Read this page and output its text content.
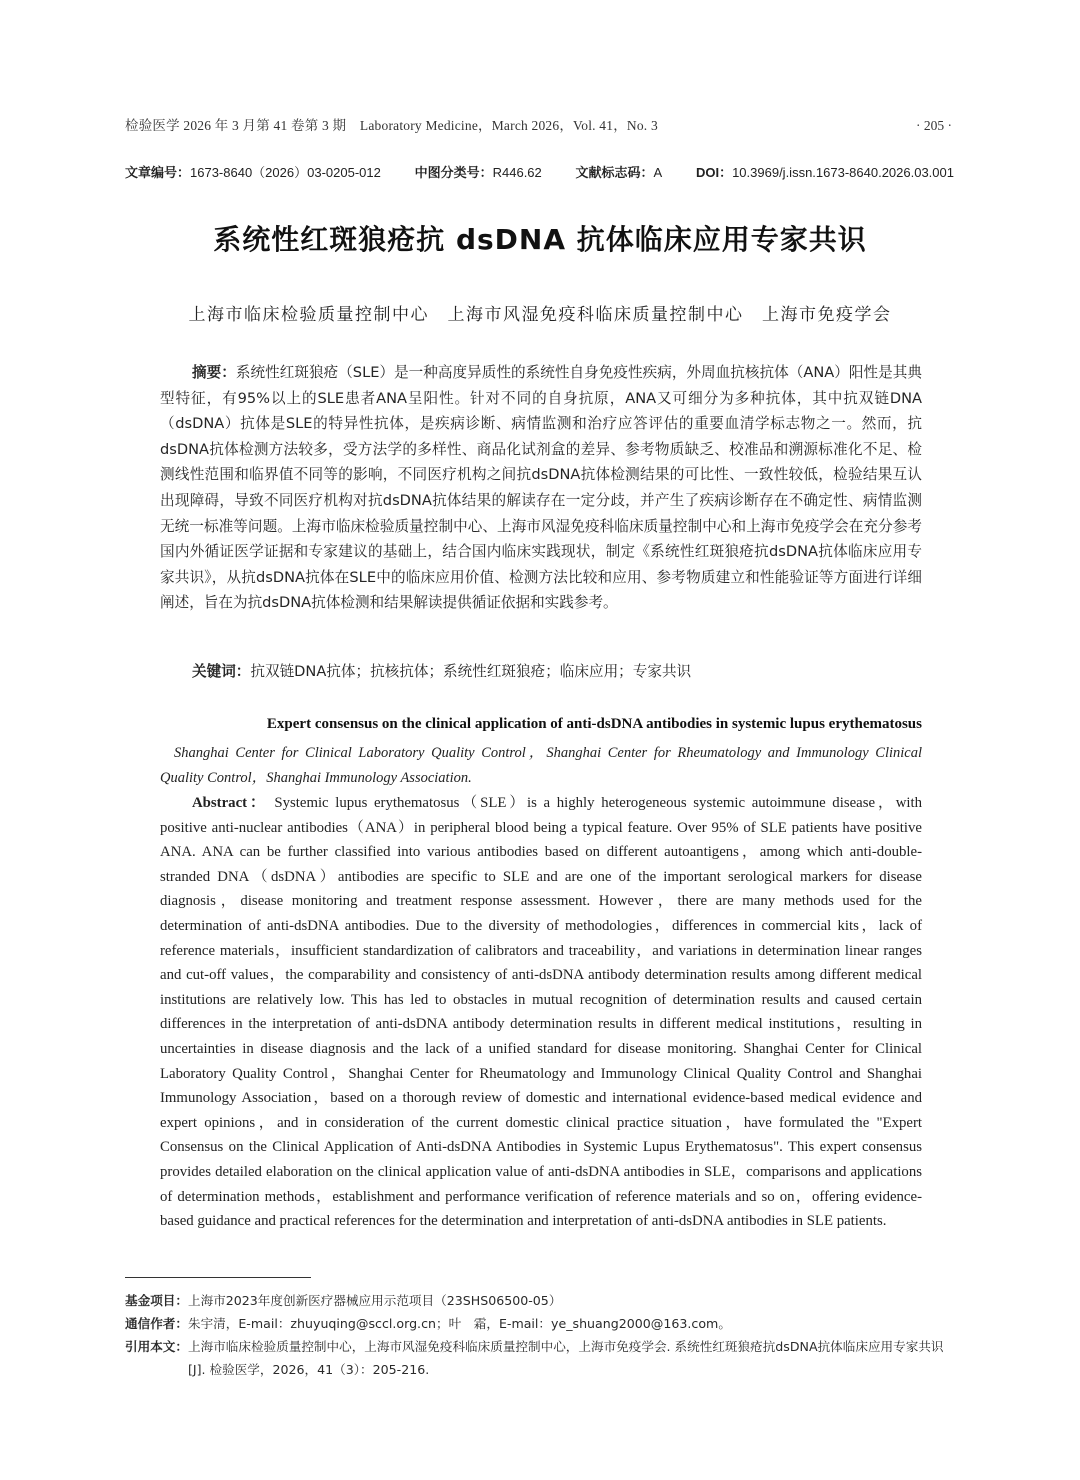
检验医学 2026 年 3 月第 41 卷第 3 期　Laboratory Medicine，March 2026，Vol. 41，No. 3	· 205 ·
文章编号：1673-8640（2026）03-0205-012	中图分类号：R446.62	文献标志码：A	DOI：10.3969/j.issn.1673-8640.2026.03.001
系统性红斑狼疮抗 dsDNA 抗体临床应用专家共识
上海市临床检验质量控制中心　上海市风湿免疫科临床质量控制中心　上海市免疫学会
摘要：系统性红斑狼疮（SLE）是一种高度异质性的系统性自身免疫性疾病，外周血抗核抗体（ANA）阳性是其典型特征，有95%以上的SLE患者ANA呈阳性。针对不同的自身抗原，ANA又可细分为多种抗体，其中抗双链DNA（dsDNA）抗体是SLE的特异性抗体，是疾病诊断、病情监测和治疗应答评估的重要血清学标志物之一。然而，抗dsDNA抗体检测方法较多，受方法学的多样性、商品化试剂盒的差异、参考物质缺乏、校准品和溯源标准化不足、检测线性范围和临界值不同等的影响，不同医疗机构之间抗dsDNA抗体检测结果的可比性、一致性较低，检验结果互认出现障碍，导致不同医疗机构对抗dsDNA抗体结果的解读存在一定分歧，并产生了疾病诊断存在不确定性、病情监测无统一标准等问题。上海市临床检验质量控制中心、上海市风湿免疫科临床质量控制中心和上海市免疫学会在充分参考国内外循证医学证据和专家建议的基础上，结合国内临床实践现状，制定《系统性红斑狼疮抗dsDNA抗体临床应用专家共识》，从抗dsDNA抗体在SLE中的临床应用价值、检测方法比较和应用、参考物质建立和性能验证等方面进行详细阐述，旨在为抗dsDNA抗体检测和结果解读提供循证依据和实践参考。
关键词：抗双链DNA抗体；抗核抗体；系统性红斑狼疮；临床应用；专家共识
Expert consensus on the clinical application of anti-dsDNA antibodies in systemic lupus erythematosus
Shanghai Center for Clinical Laboratory Quality Control，Shanghai Center for Rheumatology and Immunology Clinical Quality Control，Shanghai Immunology Association.
Abstract： Systemic lupus erythematosus（SLE）is a highly heterogeneous systemic autoimmune disease，with positive anti-nuclear antibodies（ANA）in peripheral blood being a typical feature. Over 95% of SLE patients have positive ANA. ANA can be further classified into various antibodies based on different autoantigens，among which anti-double-stranded DNA（dsDNA）antibodies are specific to SLE and are one of the important serological markers for disease diagnosis，disease monitoring and treatment response assessment. However，there are many methods used for the determination of anti-dsDNA antibodies. Due to the diversity of methodologies，differences in commercial kits，lack of reference materials，insufficient standardization of calibrators and traceability，and variations in determination linear ranges and cut-off values，the comparability and consistency of anti-dsDNA antibody determination results among different medical institutions are relatively low. This has led to obstacles in mutual recognition of determination results and caused certain differences in the interpretation of anti-dsDNA antibody determination results in different medical institutions，resulting in uncertainties in disease diagnosis and the lack of a unified standard for disease monitoring. Shanghai Center for Clinical Laboratory Quality Control，Shanghai Center for Rheumatology and Immunology Clinical Quality Control and Shanghai Immunology Association，based on a thorough review of domestic and international evidence-based medical evidence and expert opinions，and in consideration of the current domestic clinical practice situation，have formulated the "Expert Consensus on the Clinical Application of Anti-dsDNA Antibodies in Systemic Lupus Erythematosus". This expert consensus provides detailed elaboration on the clinical application value of anti-dsDNA antibodies in SLE，comparisons and applications of determination methods，establishment and performance verification of reference materials and so on，offering evidence-based guidance and practical references for the determination and interpretation of anti-dsDNA antibodies in SLE patients.
基金项目： 上海市2023年度创新医疗器械应用示范项目（23SHS06500-05）
通信作者： 朱宇清，E-mail：zhuyuqing@sccl.org.cn；叶　霜，E-mail：ye_shuang2000@163.com。
引用本文： 上海市临床检验质量控制中心，上海市风湿免疫科临床质量控制中心，上海市免疫学会. 系统性红斑狼疮抗dsDNA抗体临床应用专家共识[J]. 检验医学，2026，41（3）：205-216.
